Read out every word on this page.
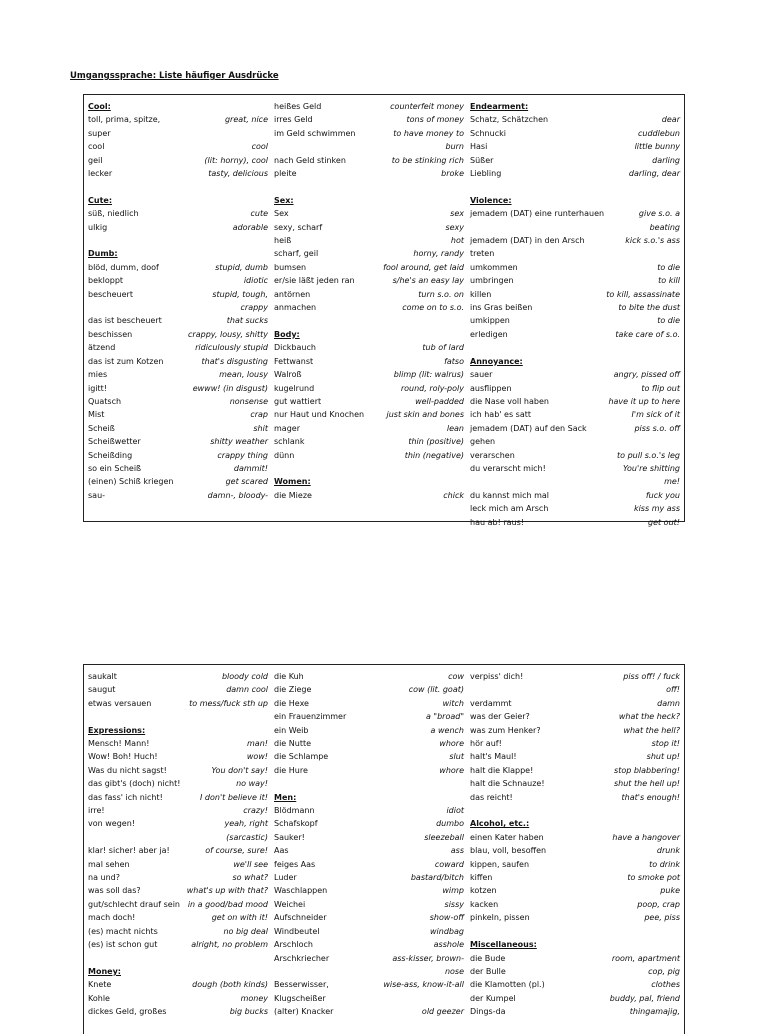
Umgangssprache: Liste häufiger Ausdrücke
Cool:
toll, prima, spitze,	great, nice
super
cool	cool
geil	(lit: horny), cool
lecker	tasty, delicious
Cute:
süß, niedlich	cute
ulkig	adorable
Dumb:
blöd, dumm, doof	stupid, dumb
bekloppt	idiotic
bescheuert	stupid, tough,
crappy
das ist bescheuert	that sucks
beschissen	crappy, lousy, shitty
ätzend	ridiculously stupid
das ist zum Kotzen	that's disgusting
mies	mean, lousy
igitt!	ewww! (in disgust)
Quatsch	nonsense
Mist	crap
Scheiß	shit
Scheißwetter	shitty weather
Scheißding	crappy thing
so ein Scheiß	dammit!
(einen) Schiß kriegen	get scared
sau-	damn-, bloody-
heißes Geld	counterfeit money
irres Geld	tons of money
im Geld schwimmen	to have money to
burn
nach Geld stinken	to be stinking rich
pleite	broke
Sex:
Sex	sex
sexy, scharf	sexy
heiß	hot
scharf, geil	horny, randy
bumsen	fool around, get laid
er/sie läßt jeden ran	s/he's an easy lay
antörnen	turn s.o. on
anmachen	come on to s.o.
Body:
Dickbauch	tub of lard
Fettwanst	fatso
Walroß	blimp (lit: walrus)
kugelrund	round, roly-poly
gut wattiert	well-padded
nur Haut und Knochen	just skin and bones
mager	lean
schlank	thin (positive)
dünn	thin (negative)
Women:
die Mieze	chick
Endearment:
Schatz, Schätzchen	dear
Schnucki	cuddlebun
Hasi	little bunny
Süßer	darling
Liebling	darling, dear
Violence:
jemadem (DAT) eine runterhauen	give s.o. a beating
jemadem (DAT) in den Arsch	kick s.o.'s ass
treten
umkommen	to die
umbringen	to kill
killen	to kill, assassinate
ins Gras beißen	to bite the dust
umkippen	to die
erledigen	take care of s.o.
Annoyance:
sauer	angry, pissed off
ausflippen	to flip out
die Nase voll haben	have it up to here
ich hab' es satt	I'm sick of it
jemadem (DAT) auf den Sack	piss s.o. off
gehen
verarschen	to pull s.o.'s leg
du verarscht mich!	You're shitting
me!
du kannst mich mal	fuck you
leck mich am Arsch	kiss my ass
hau ab! raus!	get out!
saukalt	bloody cold
saugut	damn cool
etwas versauen	to mess/fuck sth up
Expressions:
Mensch! Mann!	man!
Wow! Boh! Huch!	wow!
Was du nicht sagst!	You don't say!
das gibt's (doch) nicht!	no way!
das fass' ich nicht!	I don't believe it!
irre!	crazy!
von wegen!	yeah, right
(sarcastic)
klar! sicher! aber ja!	of course, sure!
mal sehen	we'll see
na und?	so what?
was soll das?	what's up with that?
gut/schlecht drauf sein in a good/bad mood
mach doch!	get on with it!
(es) macht nichts	no big deal
(es) ist schon gut	alright, no problem
Money:
Knete	dough (both kinds)
Kohle	money
dickes Geld, großes	big bucks
die Kuh	cow
die Ziege	cow (lit. goat)
die Hexe	witch
ein Frauenzimmer	a "broad"
ein Weib	a wench
die Nutte	whore
die Schlampe	slut
die Hure	whore
Men:
Blödmann	idiot
Schafskopf	dumbo
Sauker!	sleezeball
Aas	ass
feiges Aas	coward
Luder	bastard/bitch
Waschlappen	wimp
Weichei	sissy
Aufschneider	show-off
Windbeutel	windbag
Arschloch	asshole
Arschkriecher	ass-kisser, brown-
nose
Besserwisser,	wise-ass, know-it-all
Klugscheißer
(alter) Knacker	old geezer
verpiss' dich!	piss off! / fuck
off!
verdammt	damn
was der Geier?	what the heck?
was zum Henker?	what the hell?
hör auf!	stop it!
halt's Maul!	shut up!
halt die Klappe!	stop blabbering!
halt die Schnauze!	shut the hell up!
das reicht!	that's enough!
Alcohol, etc.:
einen Kater haben	have a hangover
blau, voll, besoffen	drunk
kippen, saufen	to drink
kiffen	to smoke pot
kotzen	puke
kacken	poop, crap
pinkeln, pissen	pee, piss
Miscellaneous:
die Bude	room, apartment
der Bulle	cop, pig
die Klamotten (pl.)	clothes
der Kumpel	buddy, pal, friend
Dings-da	thingamajig,
